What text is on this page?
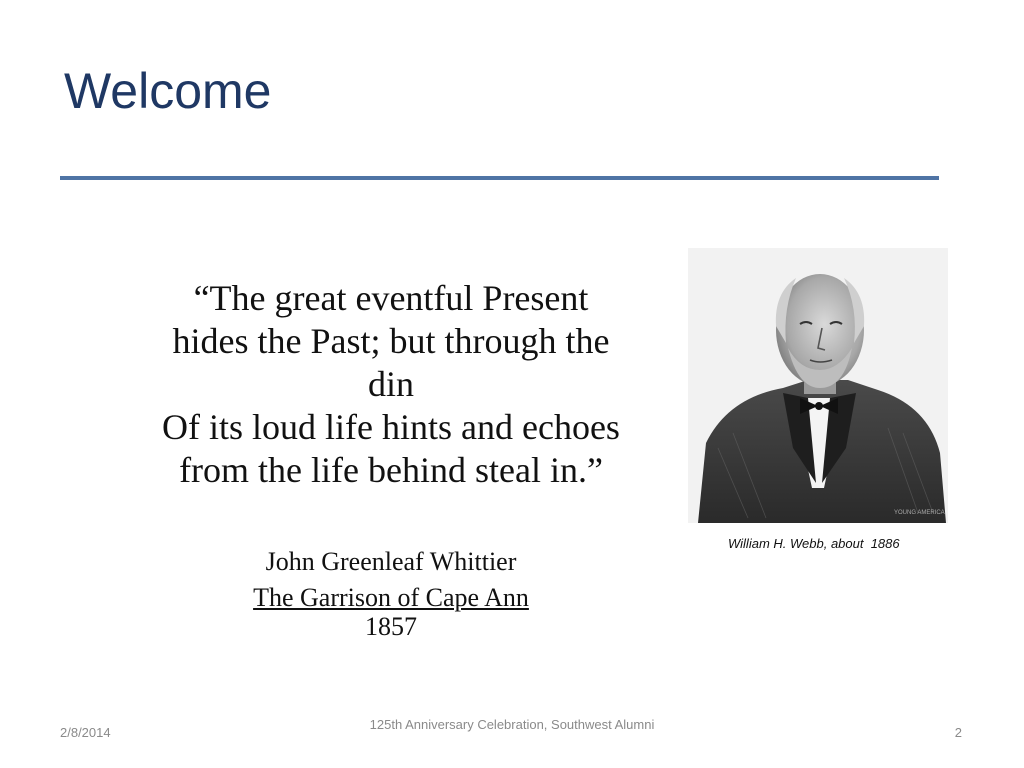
Welcome
“The great eventful Present
hides the Past; but through the
din
Of its loud life hints and echoes
from the life behind steal in.”
John Greenleaf Whittier
The Garrison of Cape Ann
1857
YOUNG AMERICA
William H. Webb, about  1886
2/8/2014
125th Anniversary Celebration, Southwest Alumni
2
